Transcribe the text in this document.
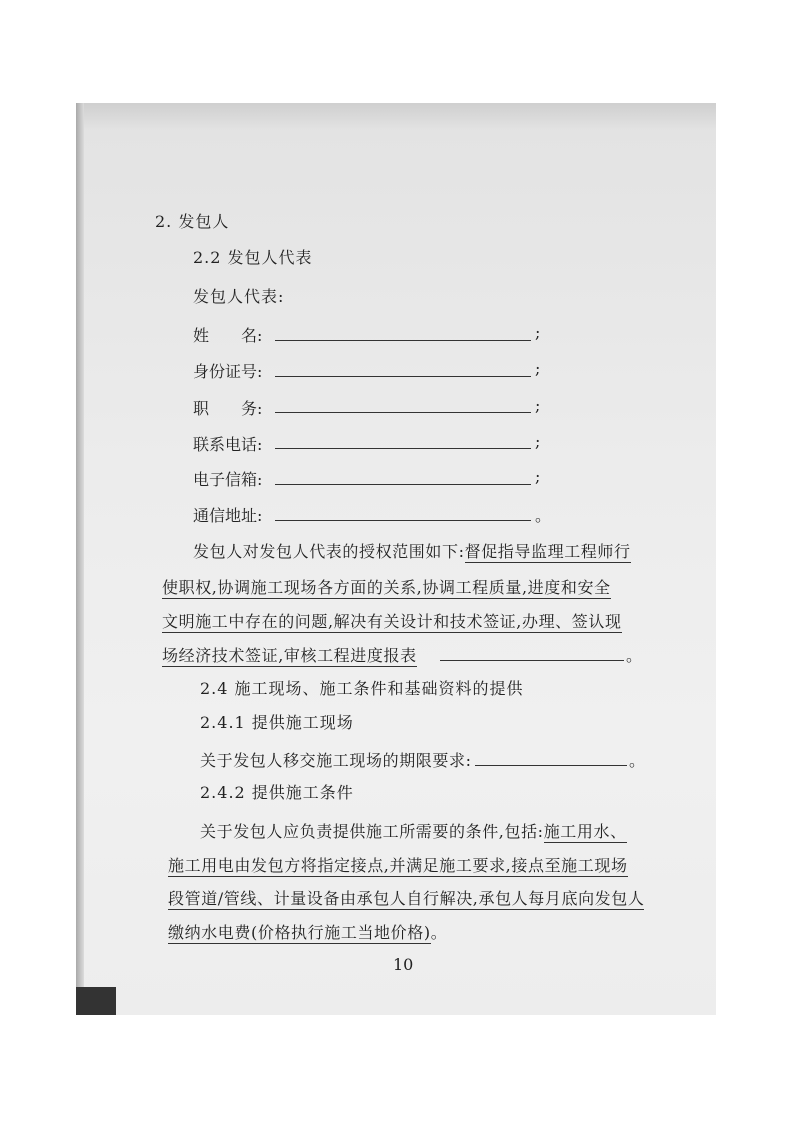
2. 发包人
2.2 发包人代表
发包人代表:
姓　　名:	;
身份证号:	;
职　　务:	;
联系电话:	;
电子信箱:	;
通信地址:	。
发包人对发包人代表的授权范围如下:督促指导监理工程师行
使职权,协调施工现场各方面的关系,协调工程质量,进度和安全
文明施工中存在的问题,解决有关设计和技术签证,办理、签认现
场经济技术签证,审核工程进度报表	。
2.4 施工现场、施工条件和基础资料的提供
2.4.1 提供施工现场
关于发包人移交施工现场的期限要求:	。
2.4.2 提供施工条件
关于发包人应负责提供施工所需要的条件,包括:施工用水、
施工用电由发包方将指定接点,并满足施工要求,接点至施工现场
段管道/管线、计量设备由承包人自行解决,承包人每月底向发包人
缴纳水电费(价格执行施工当地价格)。
10
